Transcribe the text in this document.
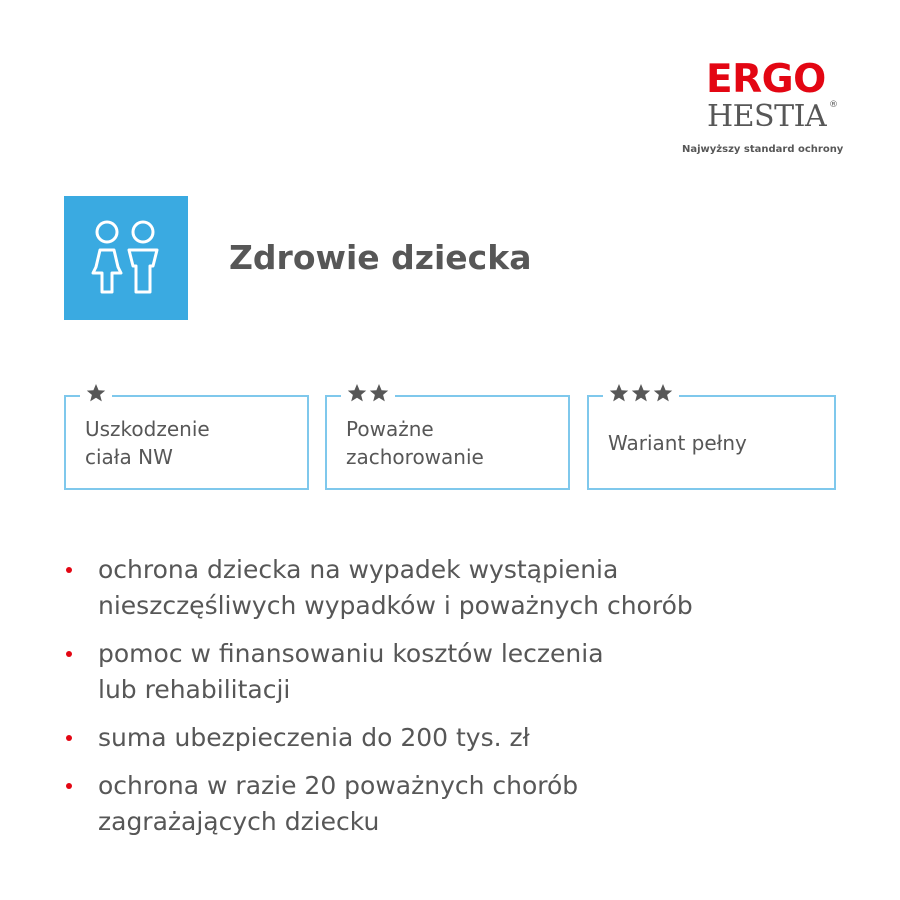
ERGO
HESTIA ®
Najwyższy standard ochrony
Zdrowie dziecka
Uszkodzenie
ciała NW
Poważne
zachorowanie
Wariant pełny
ochrona dziecka na wypadek wystąpienia
nieszczęśliwych wypadków i poważnych chorób
pomoc w finansowaniu kosztów leczenia
lub rehabilitacji
suma ubezpieczenia do 200 tys. zł
ochrona w razie 20 poważnych chorób
zagrażających dziecku
